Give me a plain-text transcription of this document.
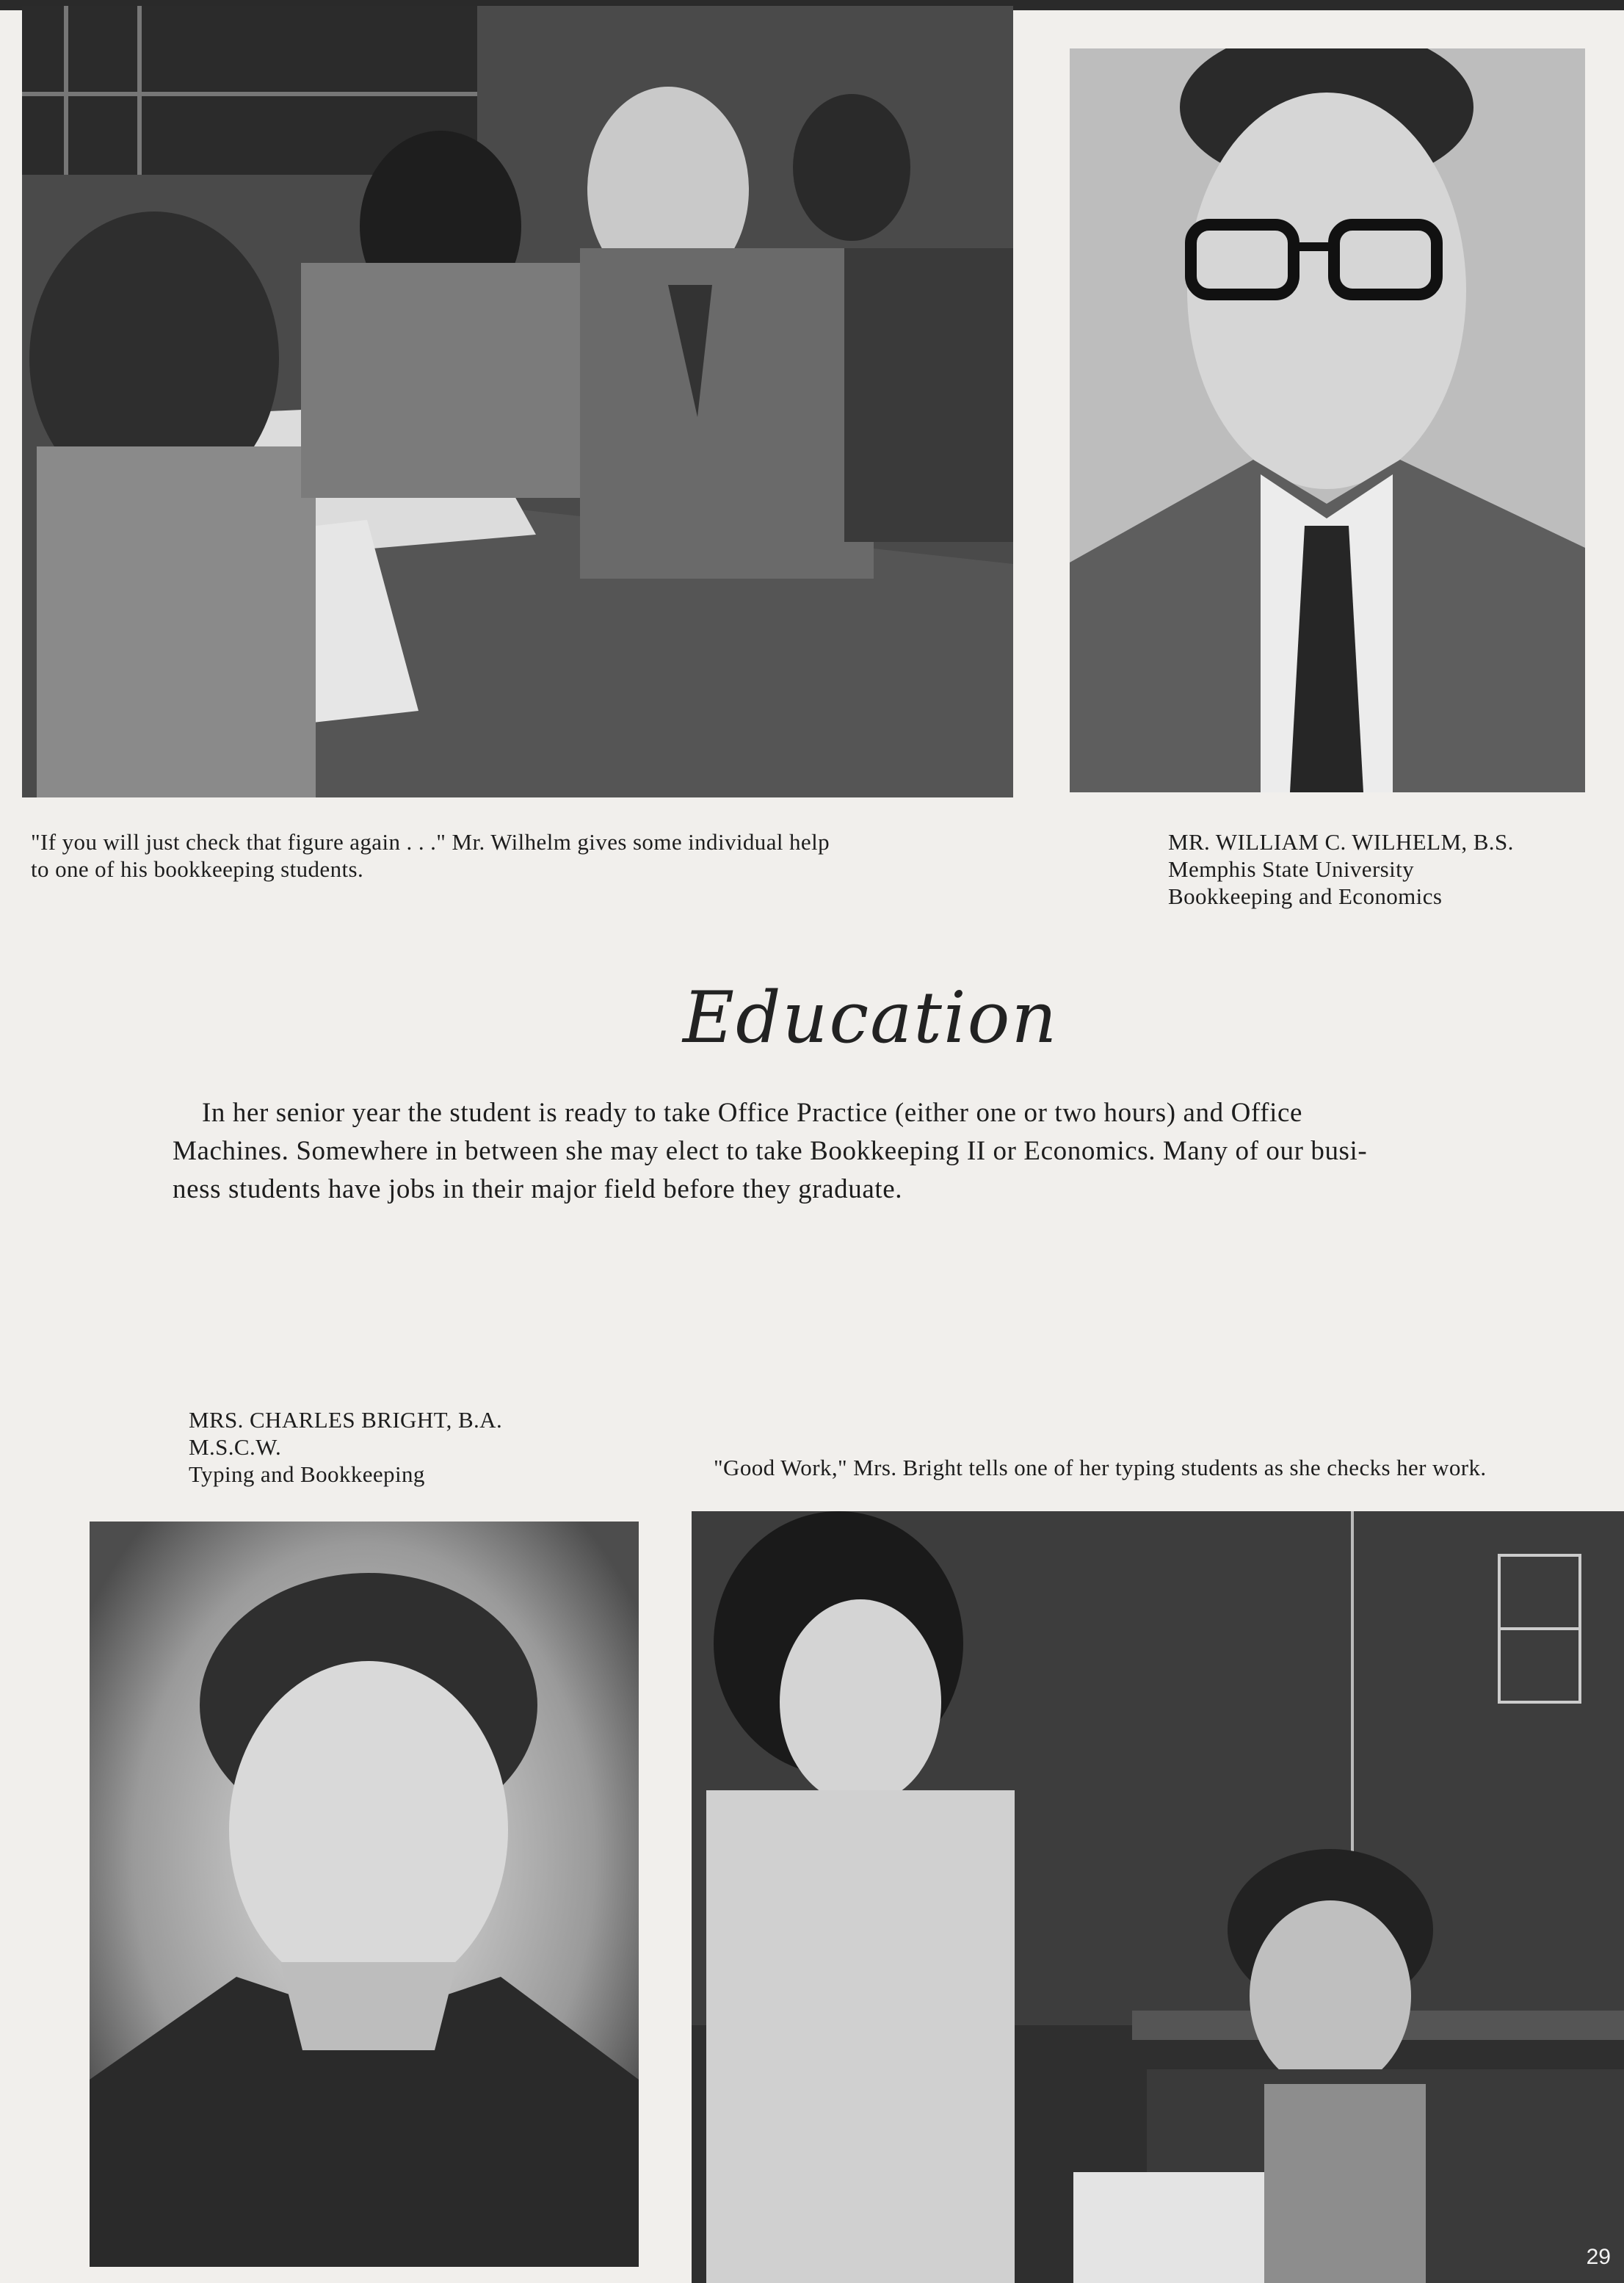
"If you will just check that figure again . . ." Mr. Wilhelm gives some individual help
to one of his bookkeeping students.
MR. WILLIAM C. WILHELM, B.S.
Memphis State University
Bookkeeping and Economics
Education
In her senior year the student is ready to take Office Practice (either one or two hours) and Office
Machines. Somewhere in between she may elect to take Bookkeeping II or Economics. Many of our busi-
ness students have jobs in their major field before they graduate.
MRS. CHARLES BRIGHT, B.A.
M.S.C.W.
Typing and Bookkeeping	"Good Work," Mrs. Bright tells one of her typing students as she checks her work.
29
